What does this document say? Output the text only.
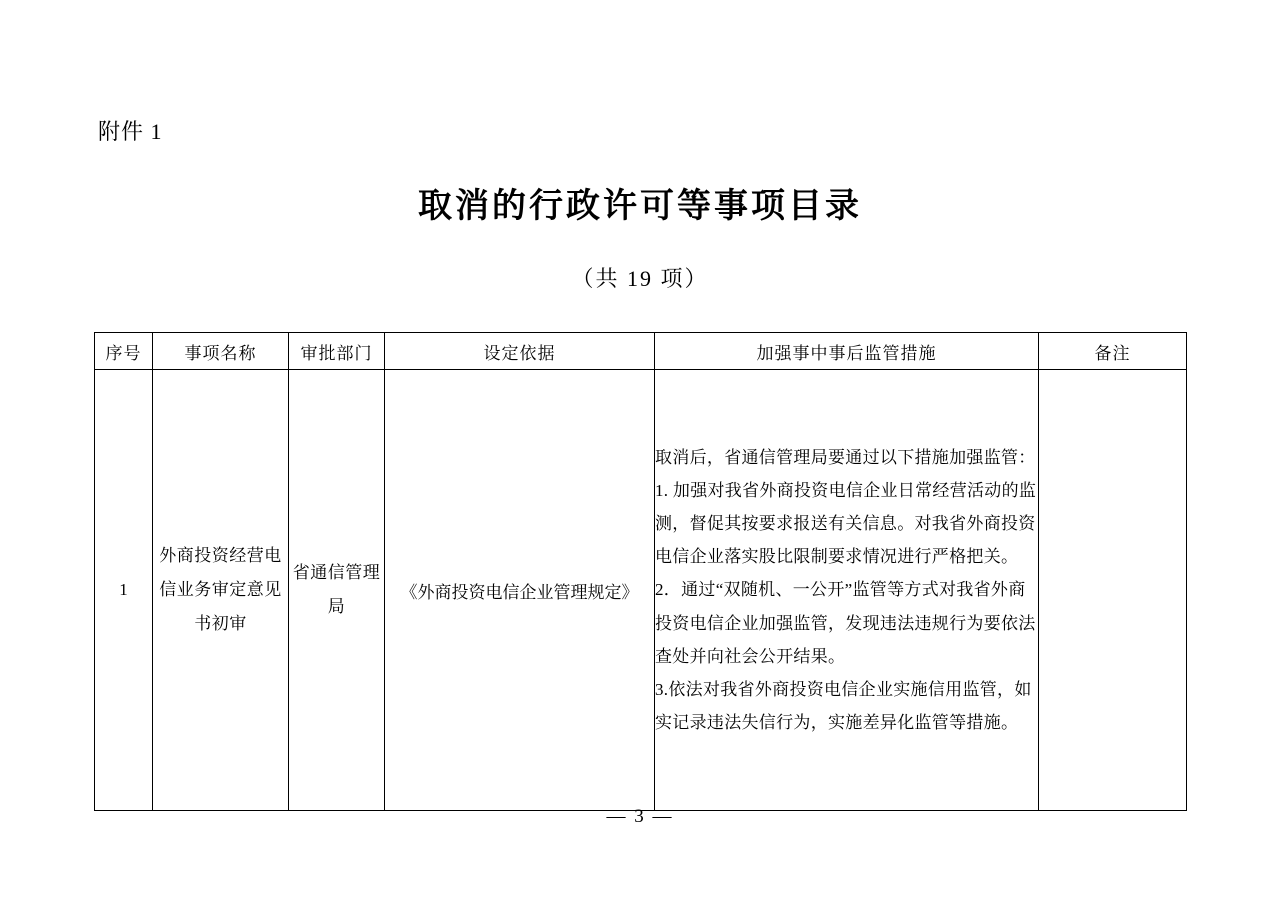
附件 1
取消的行政许可等事项目录
（共 19 项）
序号	事项名称	审批部门	设定依据	加强事中事后监管措施	备注
1	外商投资经营电信业务审定意见书初审	省通信管理局	《外商投资电信企业管理规定》	取消后，省通信管理局要通过以下措施加强监管：

1. 加强对我省外商投资电信企业日常经营活动的监测，督促其按要求报送有关信息。对我省外商投资电信企业落实股比限制要求情况进行严格把关。

2．通过“双随机、一公开”监管等方式对我省外商投资电信企业加强监管，发现违法违规行为要依法查处并向社会公开结果。

3.依法对我省外商投资电信企业实施信用监管，如实记录违法失信行为，实施差异化监管等措施。	

— 3 —
